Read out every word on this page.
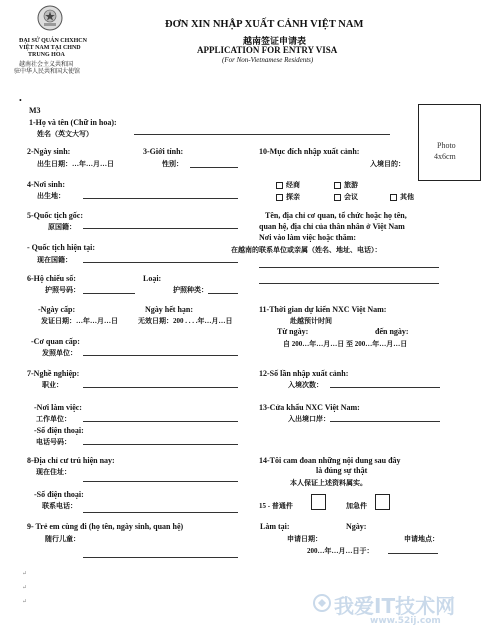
ĐẠI SỨ QUÁN CHXHCN
VIỆT NAM TẠI CHND
TRUNG HOA
越南社会主义共和国
驻中华人民共和国大使馆
ĐƠN XIN NHẬP XUẤT CẢNH VIỆT NAM
越南签证申请表
APPLICATION FOR ENTRY VISA
(For Non-Vietnamese Residents)
Photo
4x6cm
•
M3
1-Họ và tên (Chữ in hoa):
姓名（英文大写）
2-Ngày sinh:
出生日期：…年…月…日
3-Giới tính:
性别：
10-Mục đích nhập xuất cảnh:
入境目的：
4-Nơi sinh:
出生地：
经商	旅游
探亲	会议	其他
5-Quốc tịch gốc:
原国籍：
Tên, địa chỉ cơ quan, tổ chức hoặc họ tên,
quan hệ, địa chỉ của thân nhân ở Việt Nam
Nơi vào làm việc hoặc thăm:
在越南的联系单位或亲属（姓名、地址、电话）：
- Quốc tịch hiện tại:
现在国籍：
6-Hộ chiếu số:
护照号码：
Loại:
护照种类：
-Ngày cấp:
发证日期：…年…月…日
Ngày hết hạn:
无效日期：200 . . . .年…月…日
11-Thời gian dự kiến NXC Việt Nam:
赴越预计时间
Từ ngày:	đến ngày:
自 200…年…月…日 至 200…年…月…日
-Cơ quan cấp:
发照单位：
7-Nghề nghiệp:
职业：
12-Số lần nhập xuất cảnh:
入境次数：
-Nơi làm việc:
工作单位：
13-Cửa khẩu NXC Việt Nam:
入出境口岸：
-Số điện thoại:
电话号码：
8-Địa chỉ cư trú hiện nay:
现在住址：
14-Tôi cam đoan những nội dung sau đây
là đúng sự thật
本人保证上述资料属实。
-Số điện thoại:
联系电话：	15 - 普通件	加急件
9- Trẻ em cùng đi (họ tên, ngày sinh, quan hệ)
随行儿童：
Làm tại:	Ngày:
申请日期：	申请地点：
200…年…月…日于：
↵
↵
↵	我爱IT技术网
www.52ij.com
